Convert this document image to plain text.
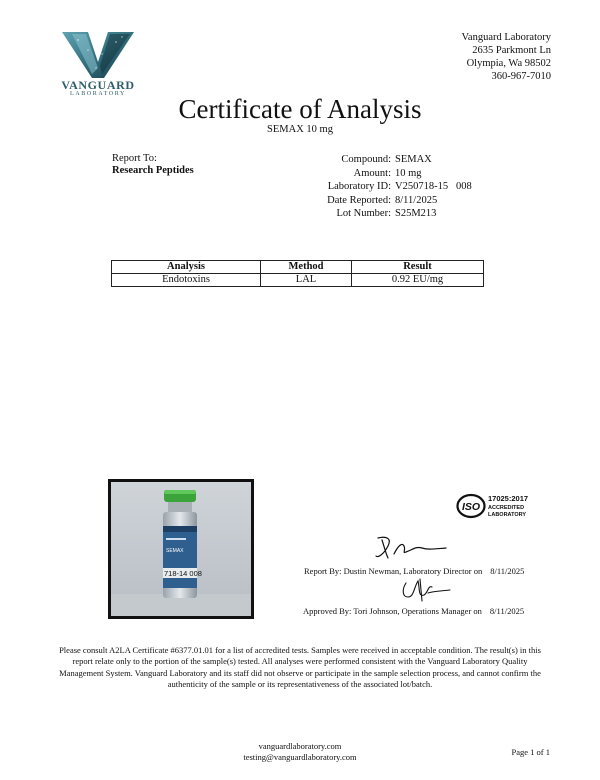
VANGUARD
LABORATORY
Vanguard Laboratory
2635 Parkmont Ln
Olympia, Wa 98502
360-967-7010
Certificate of Analysis
SEMAX 10 mg
Report To:
Research Peptides
Compound: SEMAX
Amount: 10 mg
Laboratory ID: V250718-15   008
Date Reported: 8/11/2025
Lot Number: S25M213
Analysis	Method	Result
Endotoxins	LAL	0.92 EU/mg
SEMAX
718-14 008
ISO
17025:2017
ACCREDITED
LABORATORY
Report By: Dustin Newman, Laboratory Director on 8/11/2025
Approved By: Tori Johnson, Operations Manager on 8/11/2025
Please consult A2LA Certificate #6377.01.01 for a list of accredited tests. Samples were received in acceptable condition. The result(s) in this report relate only to the portion of the sample(s) tested. All analyses were performed consistent with the Vanguard Laboratory Quality Management System. Vanguard Laboratory and its staff did not observe or participate in the sample selection process, and cannot confirm the authenticity of the sample or its representativeness of the associated lot/batch.
vanguardlaboratory.com
testing@vanguardlaboratory.com	Page 1 of 1
